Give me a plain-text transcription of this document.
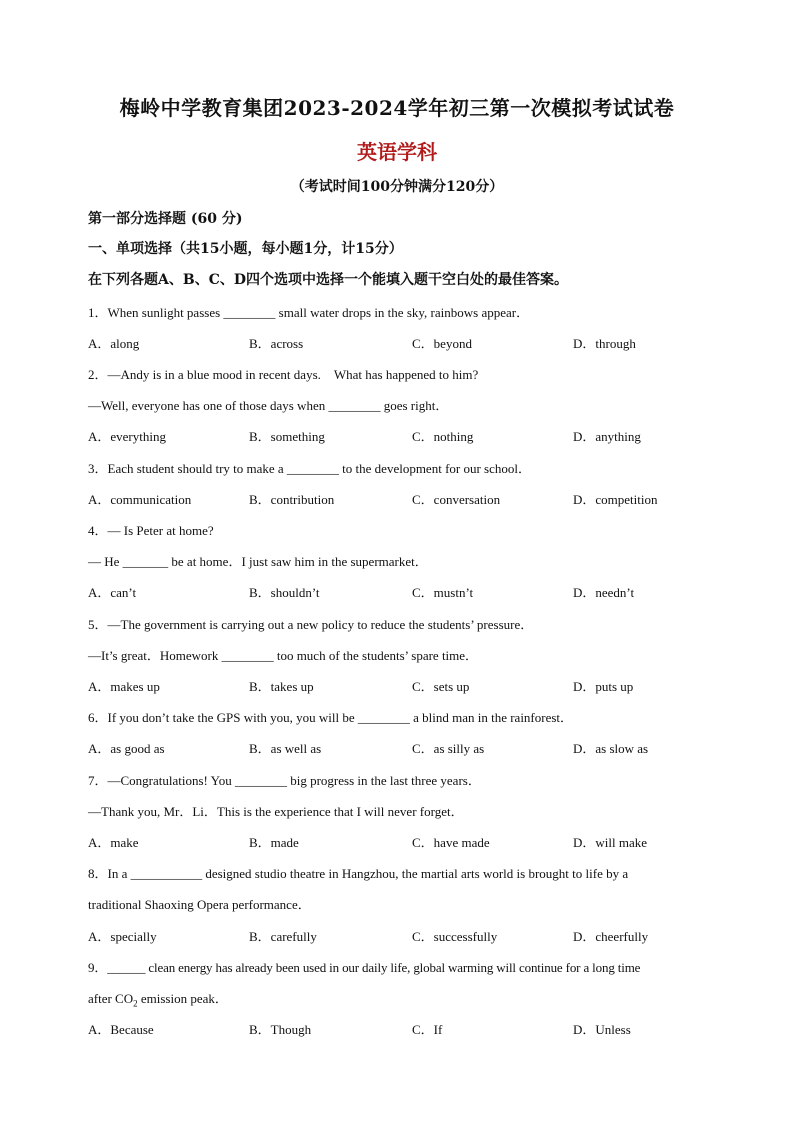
梅岭中学教育集团2023-2024学年初三第一次模拟考试试卷
英语学科
（考试时间100分钟满分120分）
第一部分选择题 (60 分)
一、单项选择（共15小题，每小题1分，计15分）
在下列各题A、B、C、D四个选项中选择一个能填入题干空白处的最佳答案。
1．When sunlight passes ________ small water drops in the sky, rainbows appear．
A．along	B．across	C．beyond	D．through
2．—Andy is in a blue mood in recent days.　What has happened to him?
—Well, everyone has one of those days when ________ goes right．
A．everything	B．something	C．nothing	D．anything
3．Each student should try to make a ________ to the development for our school．
A．communication	B．contribution	C．conversation	D．competition
4．— Is Peter at home?
— He _______ be at home．I just saw him in the supermarket．
A．can’t	B．shouldn’t	C．mustn’t	D．needn’t
5．—The government is carrying out a new policy to reduce the students’ pressure．
—It’s great．Homework ________ too much of the students’ spare time．
A．makes up	B．takes up	C．sets up	D．puts up
6．If you don’t take the GPS with you, you will be ________ a blind man in the rainforest．
A．as good as	B．as well as	C．as silly as	D．as slow as
7．—Congratulations! You ________ big progress in the last three years．
—Thank you, Mr．Li．This is the experience that I will never forget．
A．make	B．made	C．have made	D．will make
8．In a ___________ designed studio theatre in Hangzhou, the martial arts world is brought to life by a
traditional Shaoxing Opera performance．
A．specially	B．carefully	C．successfully	D．cheerfully
9．______ clean energy has already been used in our daily life, global warming will continue for a long time
after $CO_2$ emission peak．
A．Because	B．Though	C．If	D．Unless
